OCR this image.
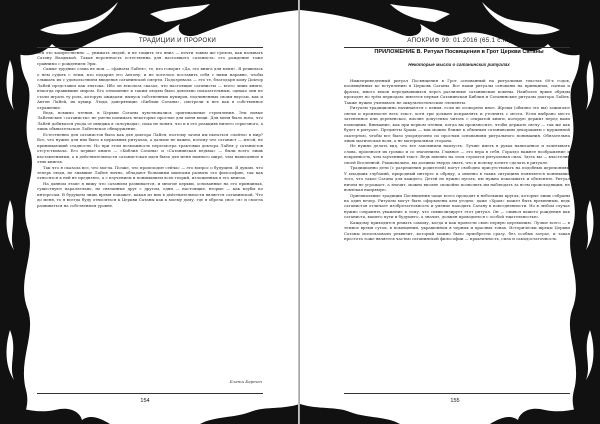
ТРАДИЦИИ И ПРОРОКИ

тей это кощунственно — унижать людей, и не тащить его вниз — почти таким же грехом, как называть Сатану Владыкой. Такая вероятность естественна для настоящего сатаниста: его рождение тоже сравнимо с рождением Эры.

Самые трудные слова не мои — «фанаты ЛаВея», те, кто говорит «Да, это книга для меня». Я решилась о нем судить с теми, кто подарил его Антону, и не хотелось поставить себя с ними наравне, чтобы слышать их с удовольствием ввиденья сатанинской смерти. Подозревала — это те, благодаря кому Доктор ЛаВей представил как знатока. Ибо он вскользь сказал, что настоящие сатанисты — всего лишь книги, некогда правившие миром. Его отношение к таким людям было довольно показательным, однако они не стали играть ту роль, которую ожидали: выпуск собственных кумиров, подчиненных своим вкусам, как и Антон ЛаВей, их кумир. Люди, доверяющие «Библии Сатаны», смотрели в нее как в собственное отражение.

Ведь, помимо чтения, в Церкви Сатаны чувствовались оригинальные стремления. Эти новые ЛаВеевские «сатанисты» не умели понимать некоторые простые для меня вещи. Для меня было ясно, что ЛаВей добивался ухода от имиджа в «клоунады», пока не понял, что и в его реакциях ничего серьезного, а лишь обывательское ЛаВеевское обнаружение.

Естественно для сатанистов было как для доктора ЛаВея, поэтому зачем им пытаться «пойти» в мир? Все, что нужно для них было в церковных ритуалах, а дальше не важно, потому что сатанист — изгой, не принимающий стадности. Но при этом возможность пересмотра трактовки доктора ЛаВея у сатанистов отсутствовала. Его первые книги — «Библия Сатаны» и «Сатанинская ведьма» — были всего лишь наставлениями, а в действительности сатанистская идея была для меня намного шире, чем написанное в этих книгах.

Так что я сказала все, что могла. Позже, что происходит сейчас — это вопрос о будущем. Я думаю, что теперь люди, не знавшие ЛаВея лично, обладают большими шансами развить его философию, так как относятся к ней не предвзято, а с изучением и пониманием всех теорий, изложенных в его книгах.

На данном этапе я вижу что сатанизм развивается, и многие церкви, основанные на его принципах, существуют параллельно, не связанные друг с другом, одни — настоящие, вторые — как клубы по интересам. В будущем лишь время покажет, какая из них в действительности является сатанинской. Что до меня, то я всегда буду относиться к Церкви Сатаны как к моему дому, где я обрела свое «я» и смогла развиваться на собственном уровне.

Бланш Бартон
154
АПОКРИФ 99: 01.2016 (65.1 с.п.)
ПРИЛОЖЕНИЕ В. Ритуал Посвящения в Грот Церкви Сатаны
Некоторые мысли о сатанинских ритуалах

Нижеприведенный ритуал Посвящения в Грот основанный на ритуальных текстах 60-х годов, посвящённых ко вступлению в Церковь Сатаны. Все наши ритуалы основаны на принципах, сценах и фразах, много веков передававшихся через различные сатанинские ковены. Наиболее яркие обряды проходят по трём периодам: имеется первая Сатанинская Библия и Сатанинские ритуалы доктора ЛаВея. Также нужно учитывать не оккультистические элементы.

Ритуалы традиционно начинаются с пения, если не оговорено иное. Жрецы (обычно это вы) зажигают свечи и произносят весь текст, хотя три должен исправлять и уточнять с места. Если выбрано место затененное или деревенское, вполне допустимо читать с открытой книги, которую держит перед вами помощник. Внимание, как при первом чтении, когда вы произносите, чтобы держать свечу — так же как будет в ритуале. Предметы Храма — как можно ближе к обычным сатанинским декорациям с кружевной скатертью, чтобы все было упорядочено по простым основаниям ритуального понимания. Обязательна лишь магическая воля, а не материальная сторона.

Не нужно делать вид, что все запомнили наизусть. Лучше иметь в руках написанное и зачитывать слова, произнося их громко и со значением. Главное — это вера в себя. Гораздо важнее воображение и искренность, чем заученный текст. Ведь именно на этом строится ритуальная сила. Здесь вы — властелин своей Вселенной. Рационально, вы должны твердо знать, что и почему хотите сделать в ритуале.

Традиционно дети (с разрешения родителей) могут свободно присутствовать на подобных церемониях. У младших глубокий, природный интерес к обряду, а именно в таких ситуациях появляется понимание того, что такое Сатана для каждого. Детей не нужно пугать, им нужно показывать и объяснять. Ритуал ничем не угрожает, а значит, можно вполне спокойно позволить им наблюдать за всем происходящим, не вовлекая напрямую.

Оригинальные традиции Посвящения чаще всего проходят в небольших кругах, которые лишь собраны на один вечер. Ритуалы могут быть оформлены кем угодно: даже «Храм» может быть временным, ведь сатанистов отличает изобретательность и умение находить Сатану в повседневности. Но в любом случае нужно сохранять уважение к тому, что символизирует этот ритуал. Он — символ вашего рождения как сатаниста, вашего пути и будущего, а значит, должен проводиться с особой тщательностью.

Каждому приходится решать самому, когда и как провести свою первую церемонию. Лучше всего — в темное время суток, в помещении, украшенном в черных и красных тонах. Исторически жрецы Церкви Сатаны использовали реквизит, который можно было приобрести сразу, без особых затрат, и такая простота тоже является частью сатанинской философии — практичность, сила и самодостаточность.

155
